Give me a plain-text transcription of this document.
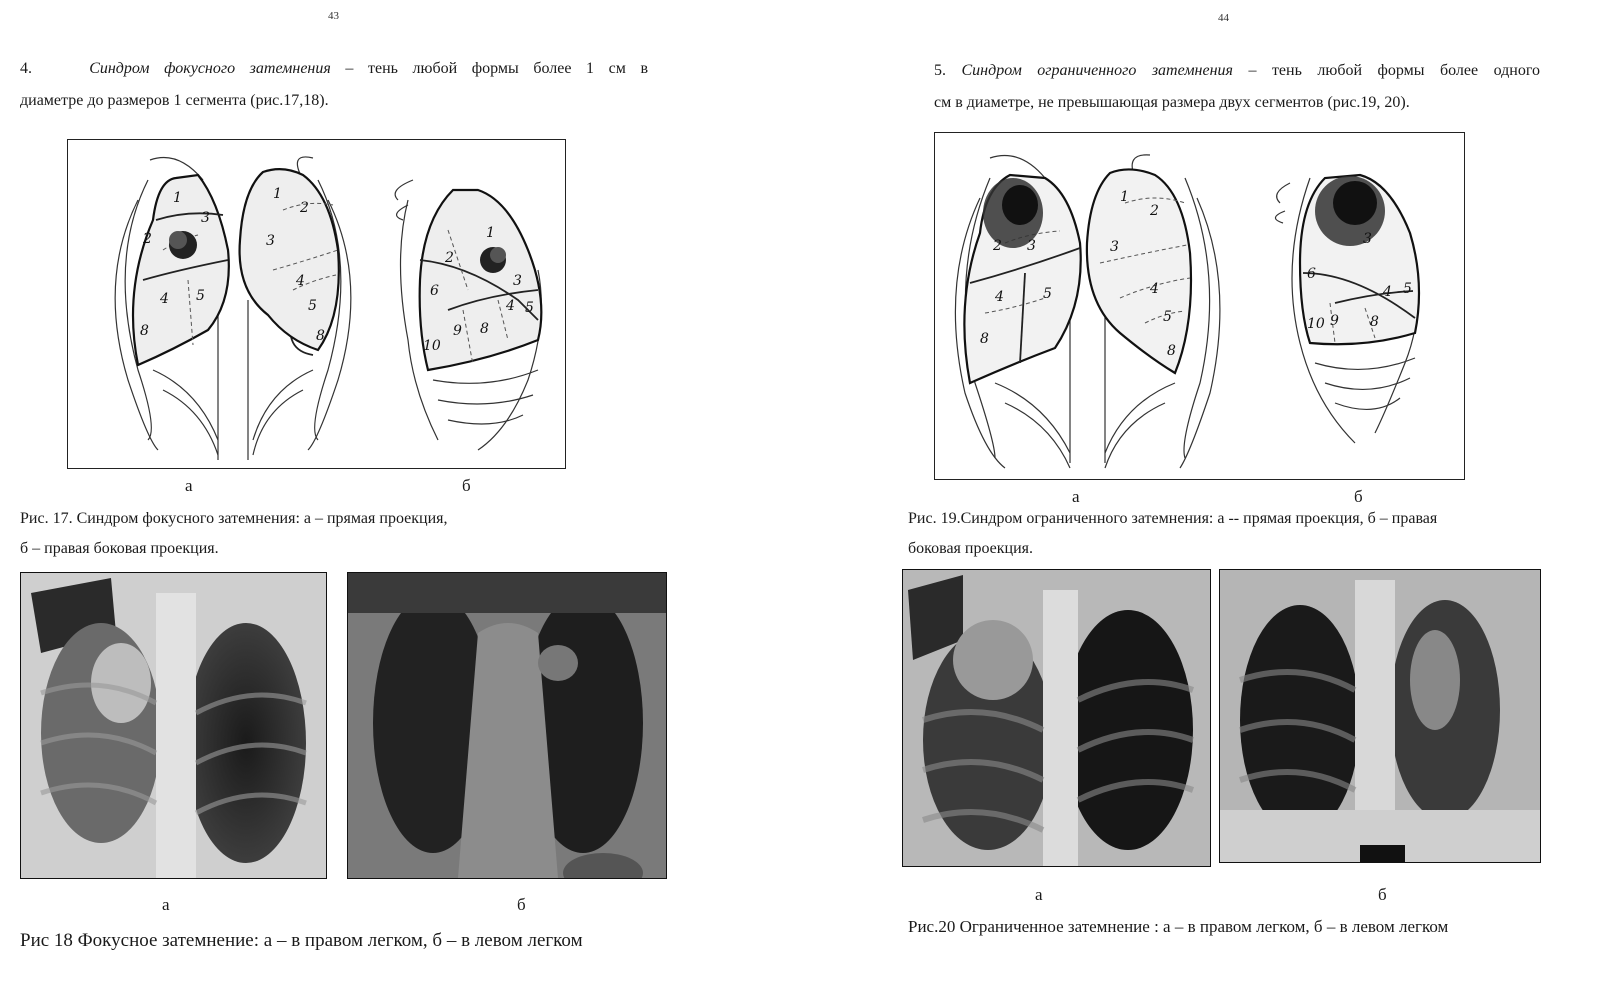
43
4.	Синдром фокусного затемнения – тень любой формы более 1 см в
диаметре до размеров 1 сегмента (рис.17,18).
1
2
3
4 5
8
1
2
3
4
5
8
1
2
3
4 5
6
8
9
10
а	б
Рис. 17. Синдром фокусного затемнения: а – прямая проекция,
б – правая боковая проекция.
а	б
Рис 18 Фокусное затемнение: а – в правом легком, б – в левом легком
44
5. Синдром ограниченного затемнения – тень любой формы более одного
см в диаметре, не превышающая размера двух сегментов (рис.19, 20).
2 3
4	5
8
1
2
3
4
5
8
3
4 5
6
8
9
10
а	б
Рис. 19.Синдром ограниченного затемнения: а -- прямая проекция, б – правая
боковая проекция.
а	б
Рис.20 Ограниченное затемнение : а – в правом легком, б – в левом легком
